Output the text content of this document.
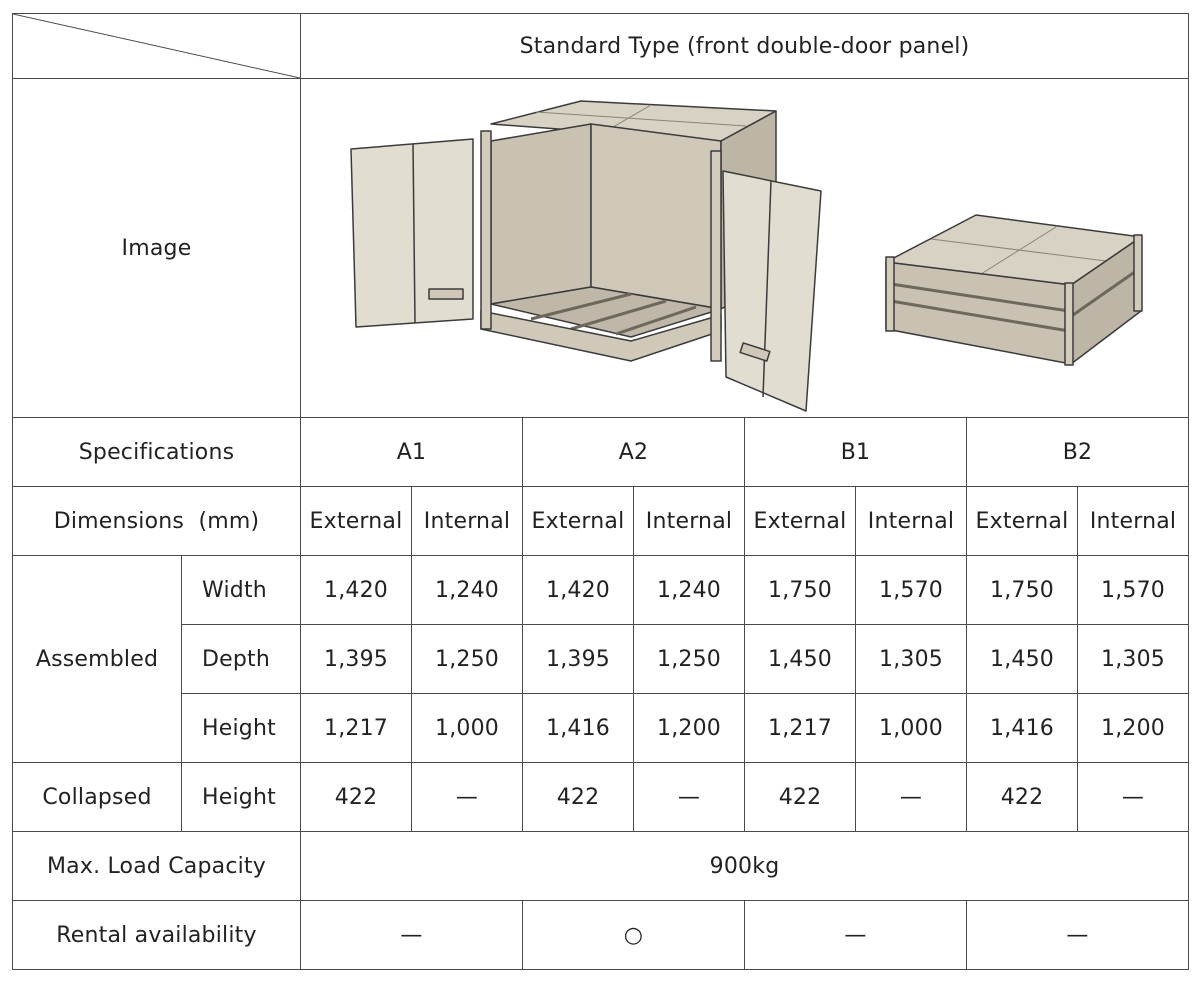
	Standard Type (front double-door panel)							
Image	

Specifications		A1		A2		B1		B2	
Dimensions  (mm)		External	Internal	External	Internal	External	Internal	External	Internal
Assembled	Width	1,420	1,240	1,420	1,240	1,750	1,570	1,750	1,570
	Depth	1,395	1,250	1,395	1,250	1,450	1,305	1,450	1,305
	Height	1,217	1,000	1,416	1,200	1,217	1,000	1,416	1,200
Collapsed	Height	422	—	422	—	422	—	422	—
Max. Load Capacity		900kg							
Rental availability		—		○		—		—	
